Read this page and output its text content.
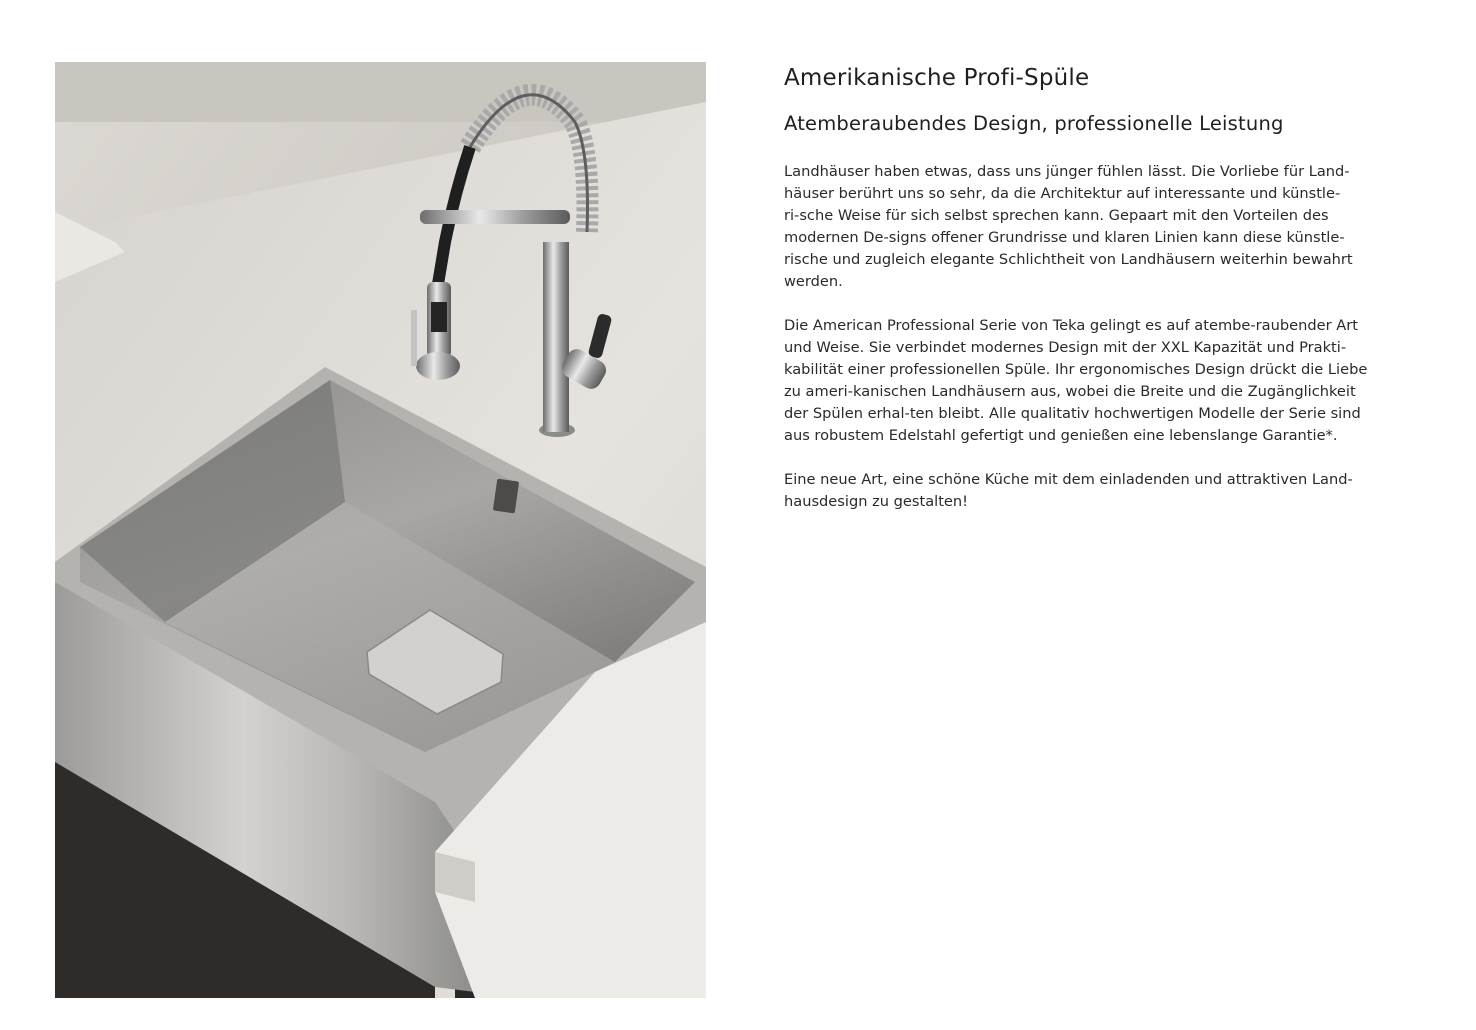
Amerikanische Profi-Spüle
Atemberaubendes Design, professionelle Leistung

Landhäuser haben etwas, dass uns jünger fühlen lässt. Die Vorliebe für Land-
häuser berührt uns so sehr, da die Architektur auf interessante und künstle-
ri-sche Weise für sich selbst sprechen kann. Gepaart mit den Vorteilen des
modernen De-signs offener Grundrisse und klaren Linien kann diese künstle-
rische und zugleich elegante Schlichtheit von Landhäusern weiterhin bewahrt
werden.

Die American Professional Serie von Teka gelingt es auf atembe-raubender Art
und Weise. Sie verbindet modernes Design mit der XXL Kapazität und Prakti-
kabilität einer professionellen Spüle. Ihr ergonomisches Design drückt die Liebe
zu ameri-kanischen Landhäusern aus, wobei die Breite und die Zugänglichkeit
der Spülen erhal-ten bleibt. Alle qualitativ hochwertigen Modelle der Serie sind
aus robustem Edelstahl gefertigt und genießen eine lebenslange Garantie*.

Eine neue Art, eine schöne Küche mit dem einladenden und attraktiven Land-
hausdesign zu gestalten!
